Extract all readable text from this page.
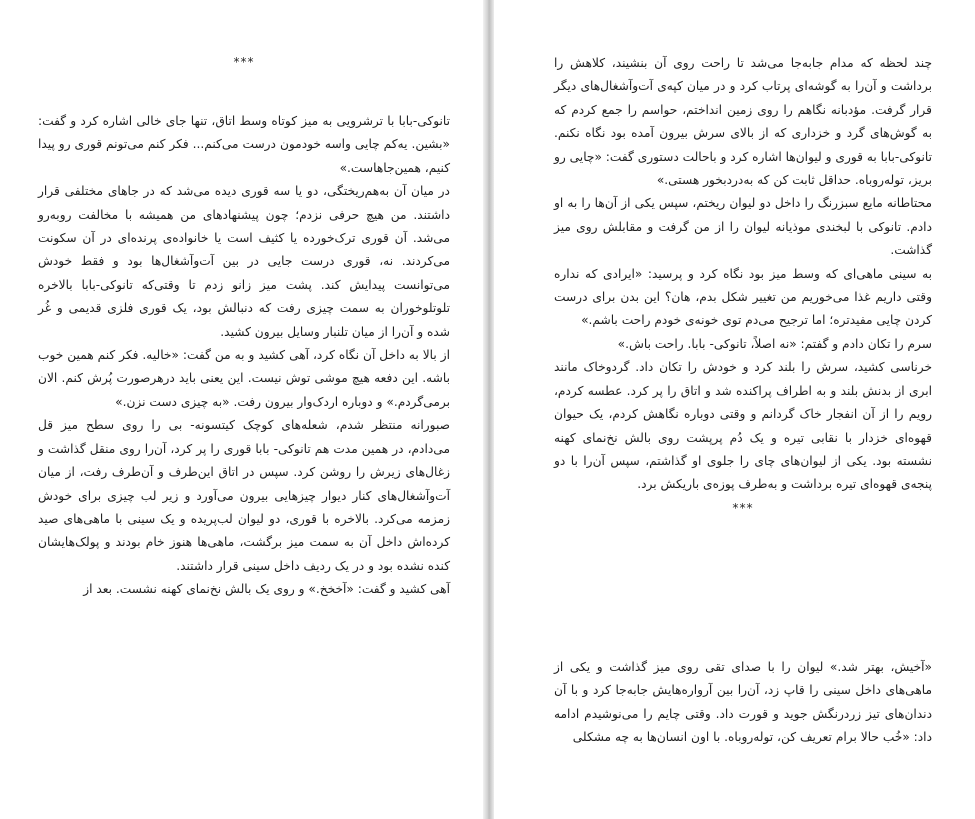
***

تانوکی-بابا با ترشرویی به میز کوتاه وسط اتاق، تنها جای خالی اشاره کرد و گفت: «بشین. یه‌کم چایی واسه خودمون درست می‌کنم... فکر کنم می‌تونم قوری رو پیدا کنیم، همین‌جاهاست.»

در میان آن به‌هم‌ریختگی، دو یا سه قوری دیده می‌شد که در جاهای مختلفی قرار داشتند. من هیچ حرفی نزدم؛ چون پیشنهادهای من همیشه با مخالفت روبه‌رو می‌شد. آن قوری ترک‌خورده یا کثیف است یا خانواده‌ی پرنده‌ای در آن سکونت می‌کردند. نه، قوری درست جایی در بین آت‌وآشغال‌ها بود و فقط خودش می‌توانست پیدایش کند. پشت میز زانو زدم تا وقتی‌که تانوکی-بابا بالاخره تلوتلوخوران به سمت چیزی رفت که دنبالش بود، یک قوری فلزی قدیمی و غُر شده و آن‌را از میان تلنبار وسایل بیرون کشید.

از بالا به داخل آن نگاه کرد، آهی کشید و به من گفت: «خالیه. فکر کنم همین خوب باشه. این دفعه هیچ موشی توش نیست. این یعنی باید درهرصورت پُرش کنم. الان برمی‌گردم.» و دوباره اردک‌وار بیرون رفت. «به چیزی دست نزن.»

صبورانه منتظر شدم، شعله‌های کوچک کیتسونه- بی را روی سطح میز قل می‌دادم، در همین مدت هم تانوکی- بابا قوری را پر کرد، آن‌را روی منقل گذاشت و زغال‌های زیرش را روشن کرد. سپس در اتاق این‌طرف و آن‌طرف رفت، از میان آت‌وآشغال‌های کنار دیوار چیزهایی بیرون می‌آورد و زیر لب چیزی برای خودش زمزمه می‌کرد. بالاخره با قوری، دو لیوان لب‌پریده و یک سینی با ماهی‌های صید کرده‌اش داخل آن به سمت میز برگشت، ماهی‌ها هنوز خام بودند و پولک‌هایشان کنده نشده بود و در یک ردیف داخل سینی قرار داشتند.

آهی کشید و گفت: «آخخخ.» و روی یک بالش نخ‌نمای کهنه نشست. بعد از

چند لحظه که مدام جابه‌جا می‌شد تا راحت روی آن بنشیند، کلاهش را برداشت و آن‌را به گوشه‌ای پرتاب کرد و در میان کپه‌ی آت‌وآشغال‌های دیگر قرار گرفت. مؤدبانه نگاهم را روی زمین انداختم، حواسم را جمع کردم که به گوش‌های گرد و خزداری که از بالای سرش بیرون آمده بود نگاه نکنم. تانوکی-بابا به قوری و لیوان‌ها اشاره کرد و باحالت دستوری گفت: «چایی رو بریز، توله‌روباه. حداقل ثابت کن که به‌دردبخور هستی.»

محتاطانه مایع سبزرنگ را داخل دو لیوان ریختم، سپس یکی از آن‌ها را به او دادم. تانوکی با لبخندی موذیانه لیوان را از من گرفت و مقابلش روی میز گذاشت.

به سینی ماهی‌ای که وسط میز بود نگاه کرد و پرسید: «ایرادی که نداره وقتی داریم غذا می‌خوریم من تغییر شکل بدم، هان؟ این بدن برای درست کردن چایی مفیدتره؛ اما ترجیح می‌دم توی خونه‌ی خودم راحت باشم.»

سرم را تکان دادم و گفتم: «نه اصلاً، تانوکی- بابا. راحت باش.»

خرناسی کشید، سرش را بلند کرد و خودش را تکان داد. گردوخاک مانند ابری از بدنش بلند و به اطراف پراکنده شد و اتاق را پر کرد. عطسه کردم، رویم را از آن انفجار خاک گردانم و وقتی دوباره نگاهش کردم، یک حیوان قهوه‌ای خزدار با نقابی تیره و یک دُم پرپشت روی بالش نخ‌نمای کهنه نشسته بود. یکی از لیوان‌های چای را جلوی او گذاشتم، سپس آن‌را با دو پنجه‌ی قهوه‌ای تیره برداشت و به‌طرف پوزه‌ی باریکش برد.

***

«آخیش، بهتر شد.» لیوان را با صدای تقی روی میز گذاشت و یکی از ماهی‌های داخل سینی را قاپ زد، آن‌را بین آرواره‌هایش جابه‌جا کرد و با آن دندان‌های تیز زردرنگش جوید و قورت داد. وقتی چایم را می‌نوشیدم ادامه داد: «خُب حالا برام تعریف کن، توله‌روباه. با اون انسان‌ها به چه مشکلی
